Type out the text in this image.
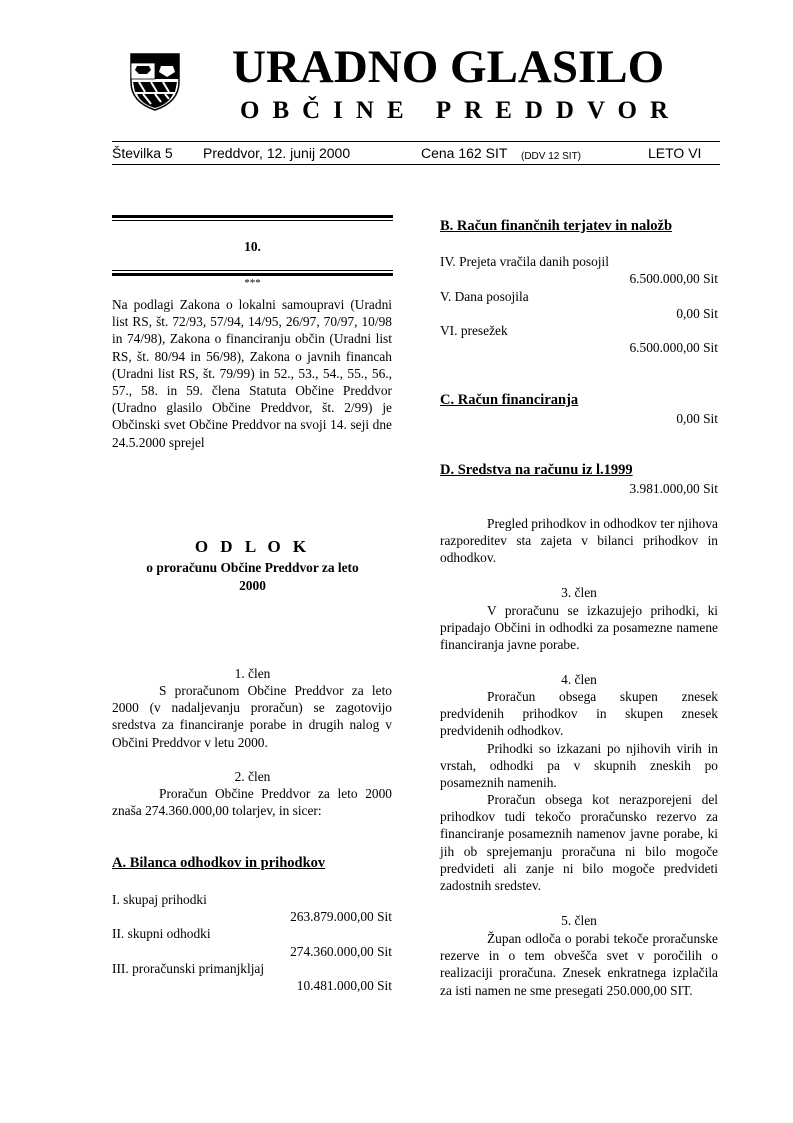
URADNO GLASILO
OBČINE PREDDVOR
Številka 5 Preddvor, 12. junij 2000	Cena 162 SIT (DDV 12 SIT)	LETO VI
10.
***

Na podlagi Zakona o lokalni samoupravi (Uradni list RS, št. 72/93, 57/94, 14/95, 26/97, 70/97, 10/98 in 74/98), Zakona o financiranju občin (Uradni list RS, št. 80/94 in 56/98), Zakona o javnih financah (Uradni list RS, št. 79/99) in 52., 53., 54., 55., 56., 57., 58. in 59. člena Statuta Občine Preddvor (Uradno glasilo Občine Preddvor, št. 2/99) je Občinski svet Občine Preddvor na svoji 14. seji dne 24.5.2000 sprejel

O D L O K
o proračunu Občine Preddvor za leto
2000
1. člen

S proračunom Občine Preddvor za leto 2000 (v nadaljevanju proračun) se zagotovijo sredstva za financiranje porabe in drugih nalog v Občini Preddvor v letu 2000.

2. člen

Proračun Občine Preddvor za leto 2000 znaša 274.360.000,00 tolarjev, in sicer:

A. Bilanca odhodkov in prihodkov
I. skupaj prihodki
263.879.000,00 Sit
II. skupni odhodki
274.360.000,00 Sit
III. proračunski primanjkljaj
10.481.000,00 Sit
B. Račun finančnih terjatev in naložb
IV. Prejeta vračila danih posojil
6.500.000,00 Sit
V. Dana posojila
0,00 Sit
VI. presežek
6.500.000,00 Sit
C. Račun financiranja
0,00 Sit
D. Sredstva na računu iz l.1999
3.981.000,00 Sit

Pregled prihodkov in odhodkov ter njihova razporeditev sta zajeta v bilanci prihodkov in odhodkov.

3. člen

V proračunu se izkazujejo prihodki, ki pripadajo Občini in odhodki za posamezne namene financiranja javne porabe.

4. člen

Proračun obsega skupen znesek predvidenih prihodkov in skupen znesek predvidenih odhodkov.

Prihodki so izkazani po njihovih virih in vrstah, odhodki pa v skupnih zneskih po posameznih namenih.

Proračun obsega kot nerazporejeni del prihodkov tudi tekočo proračunsko rezervo za financiranje posameznih namenov javne porabe, ki jih ob sprejemanju proračuna ni bilo mogoče predvideti ali zanje ni bilo mogoče predvideti zadostnih sredstev.

5. člen

Župan odloča o porabi tekoče proračunske rezerve in o tem obvešča svet v poročilih o realizaciji proračuna. Znesek enkratnega izplačila za isti namen ne sme presegati 250.000,00 SIT.
